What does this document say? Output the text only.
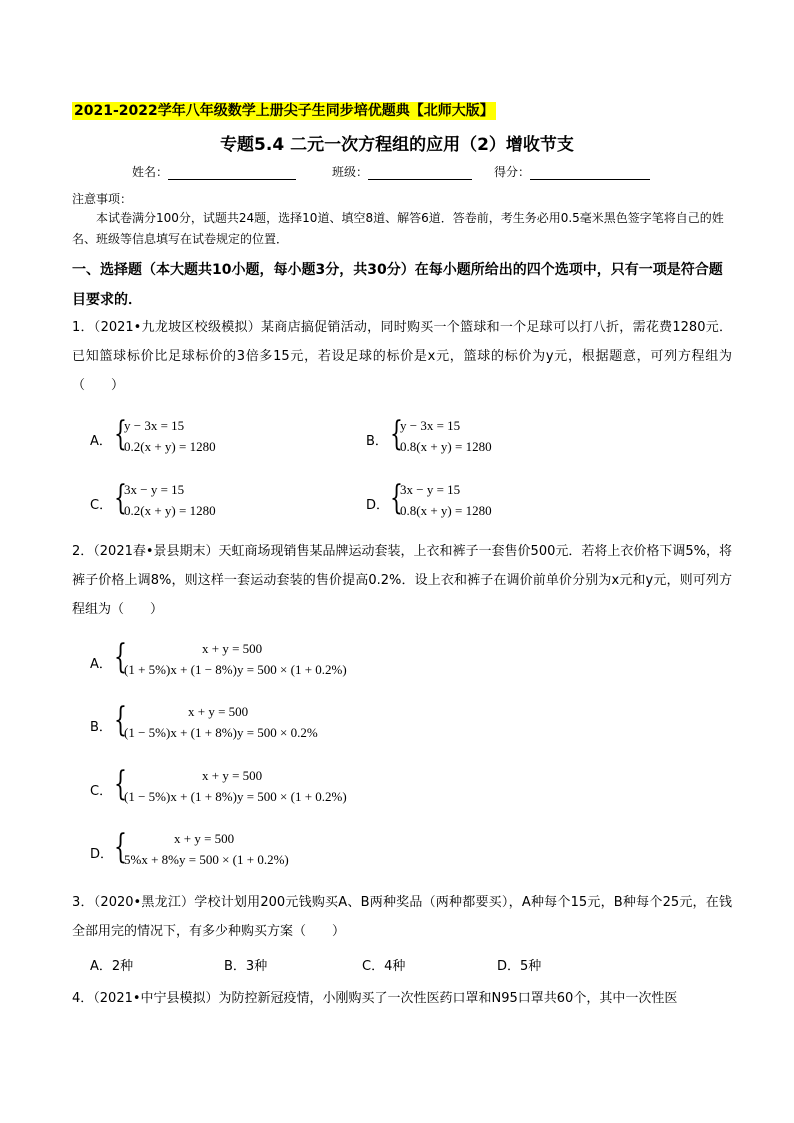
2021-2022学年八年级数学上册尖子生同步培优题典【北师大版】
专题5.4 二元一次方程组的应用（2）增收节支
姓名：	班级：	得分：
注意事项：
本试卷满分100分，试题共24题，选择10道、填空8道、解答6道．答卷前，考生务必用0.5毫米黑色签字笔将自己的姓名、班级等信息填写在试卷规定的位置．
一、选择题（本大题共10小题，每小题3分，共30分）在每小题所给出的四个选项中，只有一项是符合题目要求的．
1．（2021•九龙坡区校级模拟）某商店搞促销活动，同时购买一个篮球和一个足球可以打八折，需花费1280元．已知篮球标价比足球标价的3倍多15元，若设足球的标价是x元，篮球的标价为y元，根据题意，可列方程组为（　　）
A． {
y − 3x = 15
0.2(x + y) = 1280	B． {
y − 3x = 15
0.8(x + y) = 1280
C． {
3x − y = 15
0.2(x + y) = 1280	D． {
3x − y = 15
0.8(x + y) = 1280
2．（2021春•景县期末）天虹商场现销售某品牌运动套装，上衣和裤子一套售价500元．若将上衣价格下调5%，将裤子价格上调8%，则这样一套运动套装的售价提高0.2%．设上衣和裤子在调价前单价分别为x元和y元，则可列方程组为（　　）
A． {	x + y = 500
(1 + 5%)x + (1 − 8%)y = 500 × (1 + 0.2%)
B． {	x + y = 500
(1 − 5%)x + (1 + 8%)y = 500 × 0.2%
C． {	x + y = 500
(1 − 5%)x + (1 + 8%)y = 500 × (1 + 0.2%)
D． {	x + y = 500
5%x + 8%y = 500 × (1 + 0.2%)
3．（2020•黑龙江）学校计划用200元钱购买A、B两种奖品（两种都要买），A种每个15元，B种每个25元，在钱全部用完的情况下，有多少种购买方案（　　）
A．2种	B．3种	C．4种	D．5种
4．（2021•中宁县模拟）为防控新冠疫情，小刚购买了一次性医药口罩和N95口罩共60个，其中一次性医
